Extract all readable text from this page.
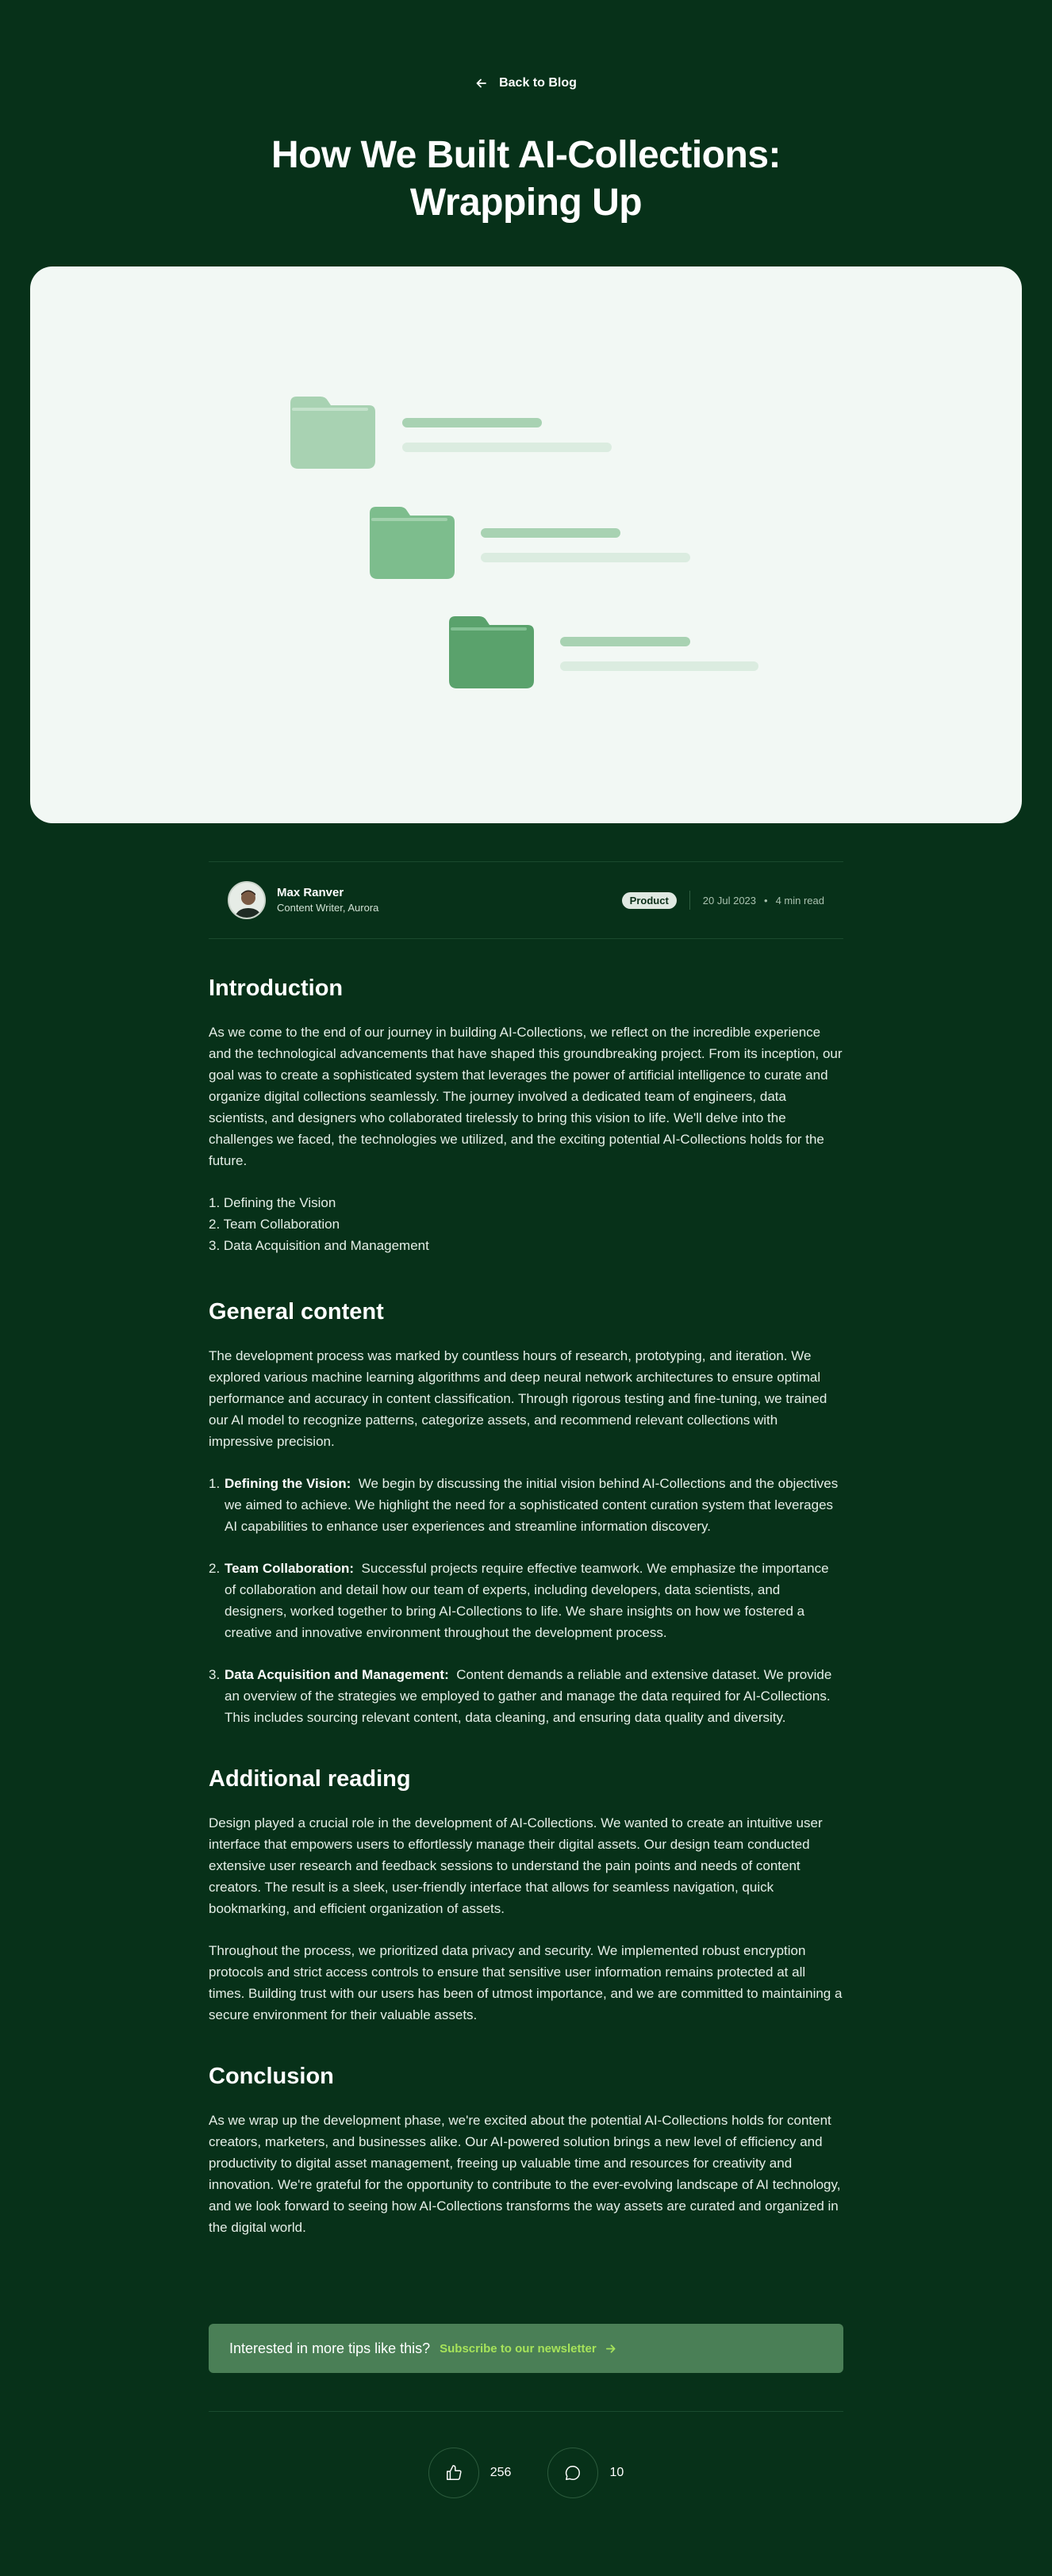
Back to Blog
How We Built AI-Collections:
Wrapping Up
Max Ranver
Content Writer, Aurora
Product	20 Jul 2023 • 4 min read
Introduction

As we come to the end of our journey in building AI-Collections, we reflect on the incredible experience and the technological advancements that have shaped this groundbreaking project. From its inception, our goal was to create a sophisticated system that leverages the power of artificial intelligence to curate and organize digital collections seamlessly. The journey involved a dedicated team of engineers, data scientists, and designers who collaborated tirelessly to bring this vision to life. We'll delve into the challenges we faced, the technologies we utilized, and the exciting potential AI-Collections holds for the future.

1. Defining the Vision
2. Team Collaboration
3. Data Acquisition and Management
General content

The development process was marked by countless hours of research, prototyping, and iteration. We explored various machine learning algorithms and deep neural network architectures to ensure optimal performance and accuracy in content classification. Through rigorous testing and fine-tuning, we trained our AI model to recognize patterns, categorize assets, and recommend relevant collections with impressive precision.

1. Defining the Vision: We begin by discussing the initial vision behind AI-Collections and the objectives we aimed to achieve. We highlight the need for a sophisticated content curation system that leverages AI capabilities to enhance user experiences and streamline information discovery.
2. Team Collaboration: Successful projects require effective teamwork. We emphasize the importance of collaboration and detail how our team of experts, including developers, data scientists, and designers, worked together to bring AI-Collections to life. We share insights on how we fostered a creative and innovative environment throughout the development process.
3. Data Acquisition and Management: Content demands a reliable and extensive dataset. We provide an overview of the strategies we employed to gather and manage the data required for AI-Collections. This includes sourcing relevant content, data cleaning, and ensuring data quality and diversity.
Additional reading

Design played a crucial role in the development of AI-Collections. We wanted to create an intuitive user interface that empowers users to effortlessly manage their digital assets. Our design team conducted extensive user research and feedback sessions to understand the pain points and needs of content creators. The result is a sleek, user-friendly interface that allows for seamless navigation, quick bookmarking, and efficient organization of assets.

Throughout the process, we prioritized data privacy and security. We implemented robust encryption protocols and strict access controls to ensure that sensitive user information remains protected at all times. Building trust with our users has been of utmost importance, and we are committed to maintaining a secure environment for their valuable assets.

Conclusion

As we wrap up the development phase, we're excited about the potential AI-Collections holds for content creators, marketers, and businesses alike. Our AI-powered solution brings a new level of efficiency and productivity to digital asset management, freeing up valuable time and resources for creativity and innovation. We're grateful for the opportunity to contribute to the ever-evolving landscape of AI technology, and we look forward to seeing how AI-Collections transforms the way assets are curated and organized in the digital world.

Interested in more tips like this? Subscribe to our newsletter
256	10
